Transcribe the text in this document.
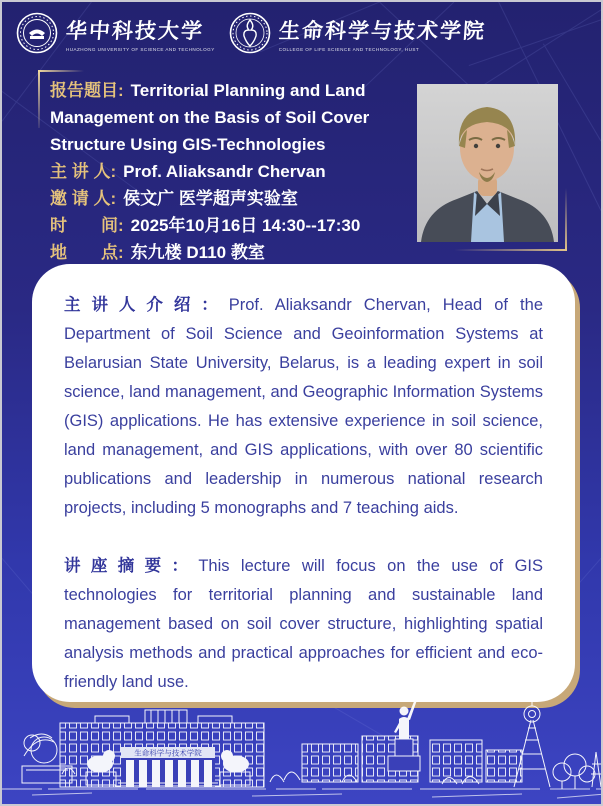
华中科技大学
HUAZHONG UNIVERSITY OF SCIENCE AND TECHNOLOGY
生命科学与技术学院
COLLEGE OF LIFE SCIENCE AND TECHNOLOGY, HUST

报告题目: Territorial Planning and Land Management on the Basis of Soil Cover Structure Using GIS-Technologies

主 讲 人: Prof. Aliaksandr Chervan

邀 请 人: 侯文广 医学超声实验室

时　　间: 2025年10月16日 14:30--17:30

地　　点: 东九楼 D110 教室

主讲人介绍：Prof. Aliaksandr Chervan, Head of the Department of Soil Science and Geoinformation Systems at Belarusian State University, Belarus, is a leading expert in soil science, land management, and Geographic Information Systems (GIS) applications. He has extensive experience in soil science, land management, and GIS applications, with over 80 scientific publications and leadership in numerous national research projects, including 5 monographs and 7 teaching aids.

讲座摘要：This lecture will focus on the use of GIS technologies for territorial planning and sustainable land management based on soil cover structure, highlighting spatial analysis methods and practical approaches for efficient and eco-friendly land use.

生命科学与技术学院
